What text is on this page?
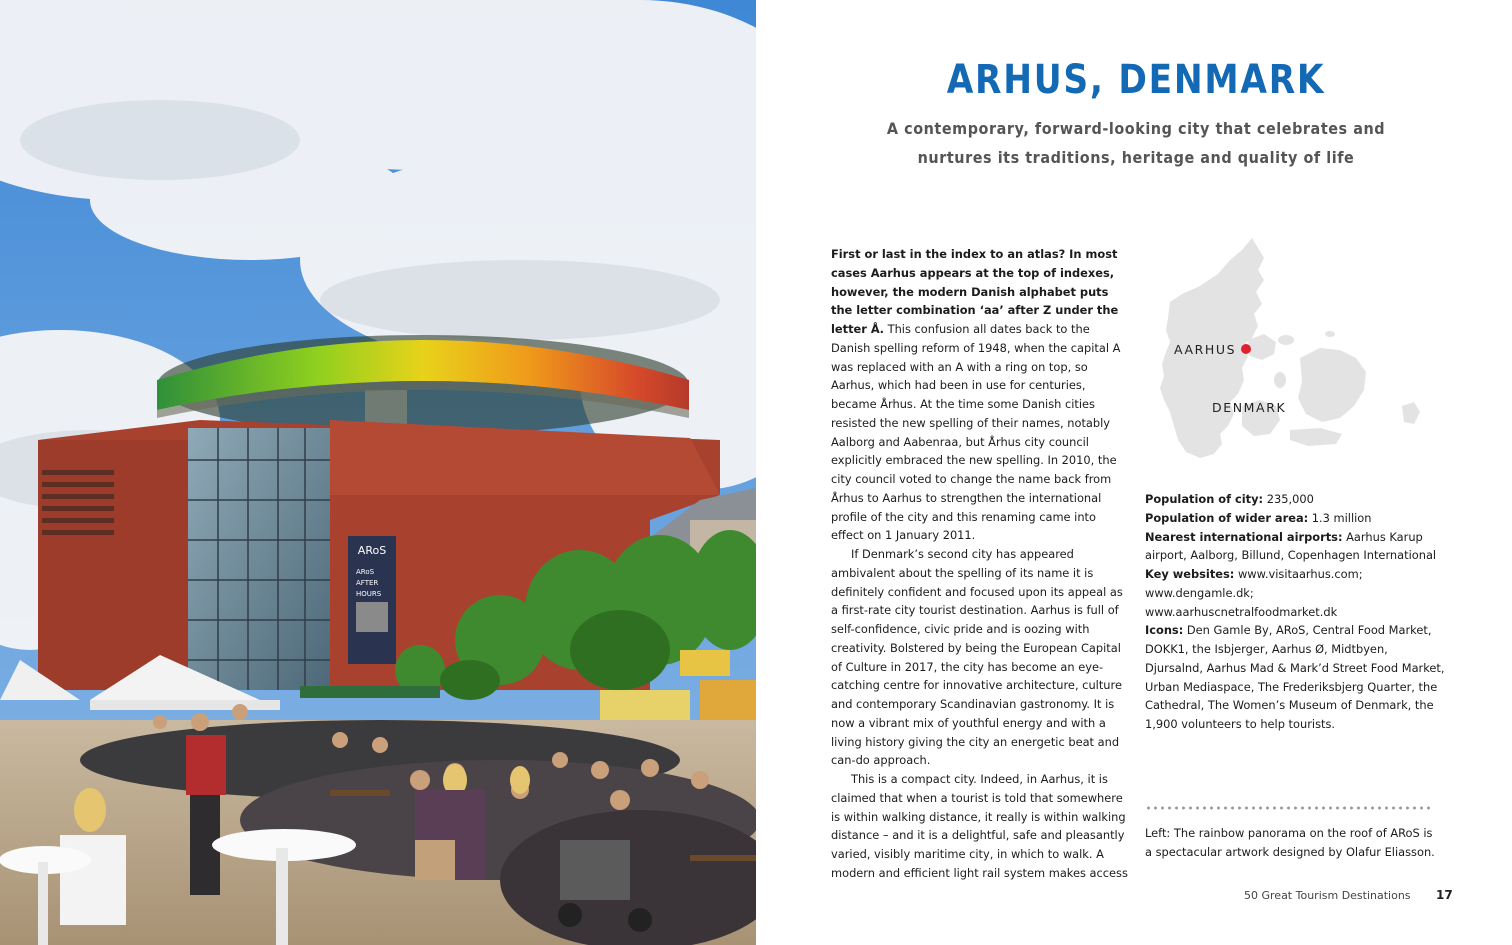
ARoS
ARoS
AFTER
HOURS
ARHUS, DENMARK
A contemporary, forward-looking city that celebrates and
nurtures its traditions, heritage and quality of life

First or last in the index to an atlas? In most cases Aarhus appears at the top of indexes, however, the modern Danish alphabet puts the letter combination ‘aa’ after Z under the letter Å. This confusion all dates back to the Danish spelling reform of 1948, when the capital A was replaced with an A with a ring on top, so Aarhus, which had been in use for centuries, became Århus. At the time some Danish cities resisted the new spelling of their names, notably Aalborg and Aabenraa, but Århus city council explicitly embraced the new spelling. In 2010, the city council voted to change the name back from Århus to Aarhus to strengthen the international profile of the city and this renaming came into effect on 1 January 2011.

If Denmark’s second city has appeared ambivalent about the spelling of its name it is definitely confident and focused upon its appeal as a first-rate city tourist destination. Aarhus is full of self-confidence, civic pride and is oozing with creativity. Bolstered by being the European Capital of Culture in 2017, the city has become an eye-catching centre for innovative architecture, culture and contemporary Scandinavian gastronomy. It is now a vibrant mix of youthful energy and with a living history giving the city an energetic beat and can-do approach.

This is a compact city. Indeed, in Aarhus, it is claimed that when a tourist is told that somewhere is within walking distance, it really is within walking distance – and it is a delightful, safe and pleasantly varied, visibly maritime city, in which to walk. A modern and efficient light rail system makes access

AARHUS
DENMARK

Population of city: 235,000

Population of wider area: 1.3 million

Nearest international airports: Aarhus Karup airport, Aalborg, Billund, Copenhagen International

Key websites: www.visitaarhus.com; www.dengamle.dk; www.aarhuscnetralfoodmarket.dk

Icons: Den Gamle By, ARoS, Central Food Market, DOKK1, the Isbjerger, Aarhus Ø, Midtbyen, Djursalnd, Aarhus Mad & Mark’d Street Food Market, Urban Mediaspace, The Frederiksbjerg Quarter, the Cathedral, The Women’s Museum of Denmark, the 1,900 volunteers to help tourists.

Left: The rainbow panorama on the roof of ARoS is
a spectacular artwork designed by Olafur Eliasson.
50 Great Tourism Destinations 17
